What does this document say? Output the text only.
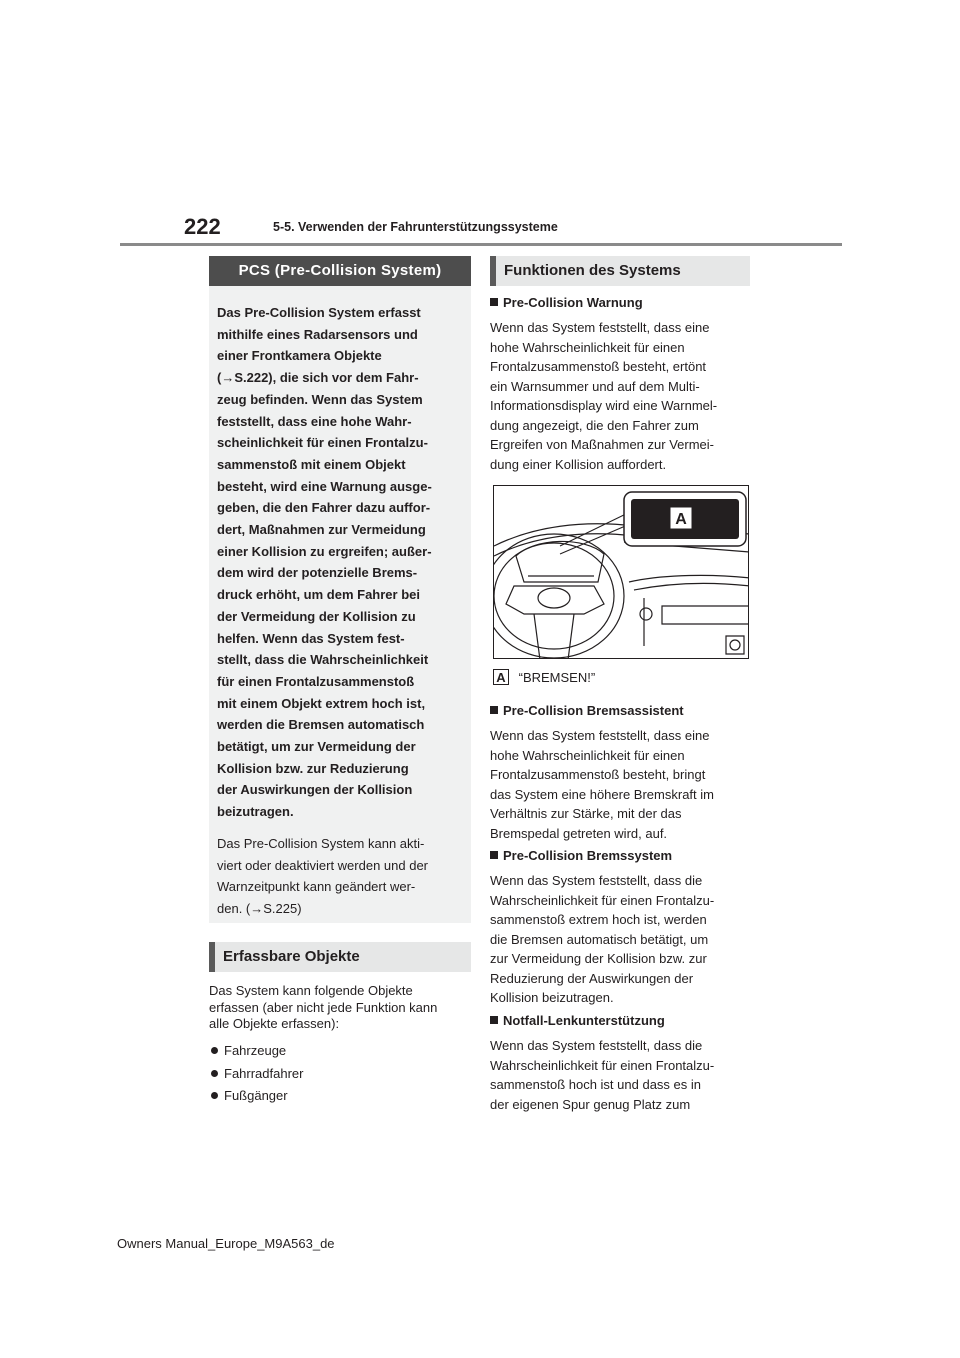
222	5-5. Verwenden der Fahrunterstützungssysteme
PCS (Pre-Collision System)
Das Pre-Collision System erfasst
mithilfe eines Radarsensors und
einer Frontkamera Objekte
(→S.222), die sich vor dem Fahr-
zeug befinden. Wenn das System
feststellt, dass eine hohe Wahr-
scheinlichkeit für einen Frontalzu-
sammenstoß mit einem Objekt
besteht, wird eine Warnung ausge-
geben, die den Fahrer dazu auffor-
dert, Maßnahmen zur Vermeidung
einer Kollision zu ergreifen; außer-
dem wird der potenzielle Brems-
druck erhöht, um dem Fahrer bei
der Vermeidung der Kollision zu
helfen. Wenn das System fest-
stellt, dass die Wahrscheinlichkeit
für einen Frontalzusammenstoß
mit einem Objekt extrem hoch ist,
werden die Bremsen automatisch
betätigt, um zur Vermeidung der
Kollision bzw. zur Reduzierung
der Auswirkungen der Kollision
beizutragen.
Das Pre-Collision System kann akti-
viert oder deaktiviert werden und der
Warnzeitpunkt kann geändert wer-
den. (→S.225)
Erfassbare Objekte
Das System kann folgende Objekte
erfassen (aber nicht jede Funktion kann
alle Objekte erfassen):
Fahrzeuge
Fahrradfahrer
Fußgänger
Funktionen des Systems
Pre-Collision Warnung
Wenn das System feststellt, dass eine
hohe Wahrscheinlichkeit für einen
Frontalzusammenstoß besteht, ertönt
ein Warnsummer und auf dem Multi-
Informationsdisplay wird eine Warnmel-
dung angezeigt, die den Fahrer zum
Ergreifen von Maßnahmen zur Vermei-
dung einer Kollision auffordert.
A
A “BREMSEN!”
Pre-Collision Bremsassistent
Wenn das System feststellt, dass eine
hohe Wahrscheinlichkeit für einen
Frontalzusammenstoß besteht, bringt
das System eine höhere Bremskraft im
Verhältnis zur Stärke, mit der das
Bremspedal getreten wird, auf.
Pre-Collision Bremssystem
Wenn das System feststellt, dass die
Wahrscheinlichkeit für einen Frontalzu-
sammenstoß extrem hoch ist, werden
die Bremsen automatisch betätigt, um
zur Vermeidung der Kollision bzw. zur
Reduzierung der Auswirkungen der
Kollision beizutragen.
Notfall-Lenkunterstützung
Wenn das System feststellt, dass die
Wahrscheinlichkeit für einen Frontalzu-
sammenstoß hoch ist und dass es in
der eigenen Spur genug Platz zum
Owners Manual_Europe_M9A563_de
